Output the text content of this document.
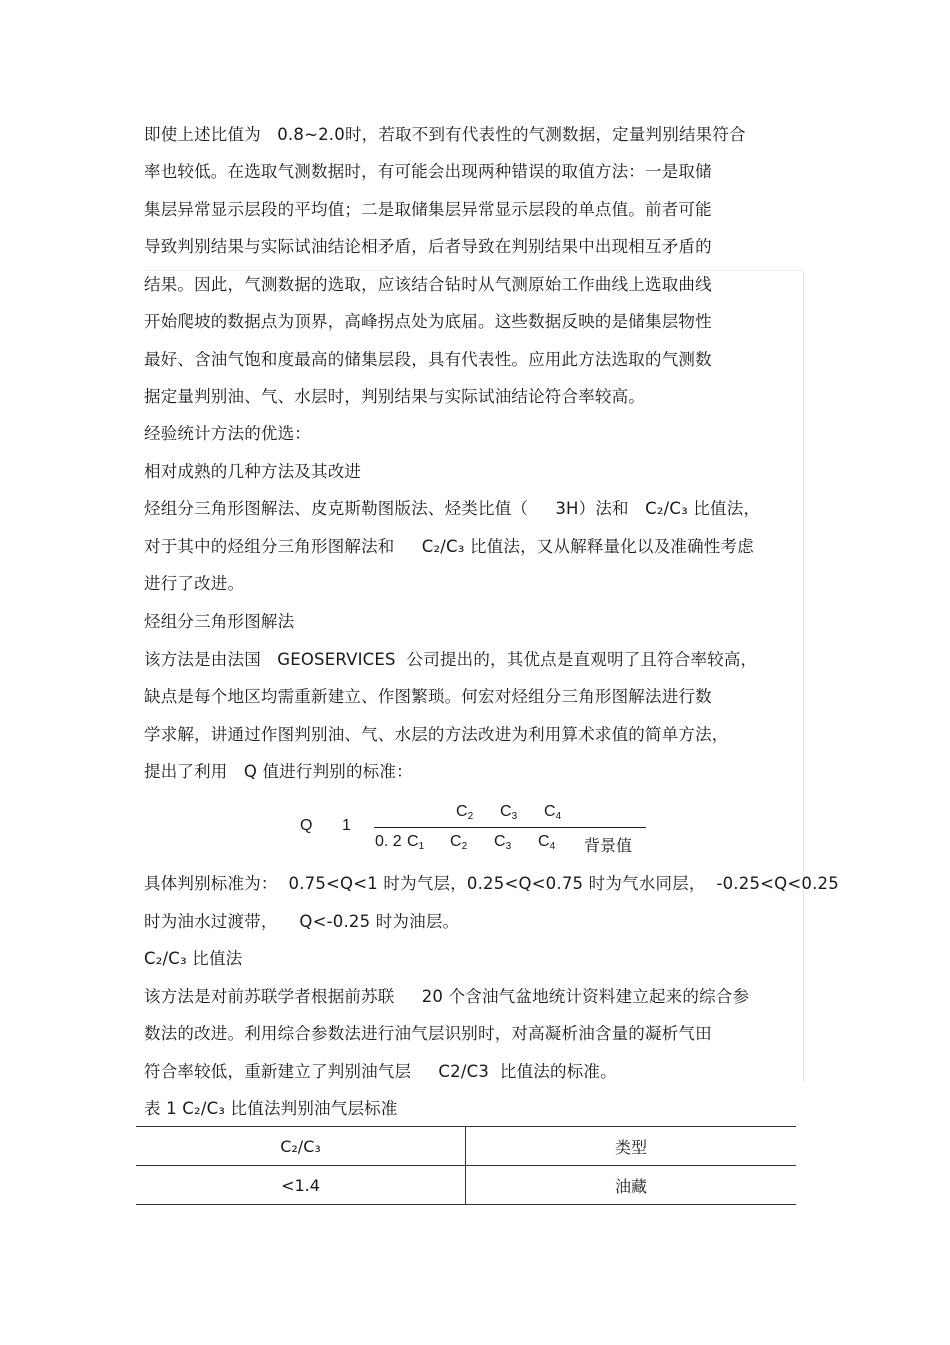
即使上述比值为   0.8~2.0时，若取不到有代表性的气测数据，定量判别结果符合
率也较低。在选取气测数据时，有可能会出现两种错误的取值方法：一是取储
集层异常显示层段的平均值；二是取储集层异常显示层段的单点值。前者可能
导致判别结果与实际试油结论相矛盾，后者导致在判别结果中出现相互矛盾的
结果。因此，气测数据的选取，应该结合钻时从气测原始工作曲线上选取曲线
开始爬坡的数据点为顶界，高峰拐点处为底届。这些数据反映的是储集层物性
最好、含油气饱和度最高的储集层段，具有代表性。应用此方法选取的气测数
据定量判别油、气、水层时，判别结果与实际试油结论符合率较高。
经验统计方法的优选：
相对成熟的几种方法及其改进
烃组分三角形图解法、皮克斯勒图版法、烃类比值（     3H）法和   C₂/C₃ 比值法，
对于其中的烃组分三角形图解法和     C₂/C₃ 比值法，又从解释量化以及准确性考虑
进行了改进。
烃组分三角形图解法
该方法是由法国   GEOSERVICES  公司提出的，其优点是直观明了且符合率较高，
缺点是每个地区均需重新建立、作图繁琐。何宏对烃组分三角形图解法进行数
学求解，讲通过作图判别油、气、水层的方法改进为利用算术求值的简单方法，
提出了利用   Q 值进行判别的标准：
Q 1
$C_2$ $C_3$ $C_4$
0. 2 $C_1$ $C_2$ $C_3$ $C_4$ 背景值
具体判别标准为：  0.75<Q<1 时为气层，0.25<Q<0.75 时为气水同层，  -0.25<Q<0.25
时为油水过渡带，    Q<-0.25 时为油层。
C₂/C₃ 比值法
该方法是对前苏联学者根据前苏联     20 个含油气盆地统计资料建立起来的综合参
数法的改进。利用综合参数法进行油气层识别时，对高凝析油含量的凝析气田
符合率较低，重新建立了判别油气层     C2/C3  比值法的标准。
表 1 C₂/C₃ 比值法判别油气层标准
C₂/C₃	类型
<1.4	油藏
